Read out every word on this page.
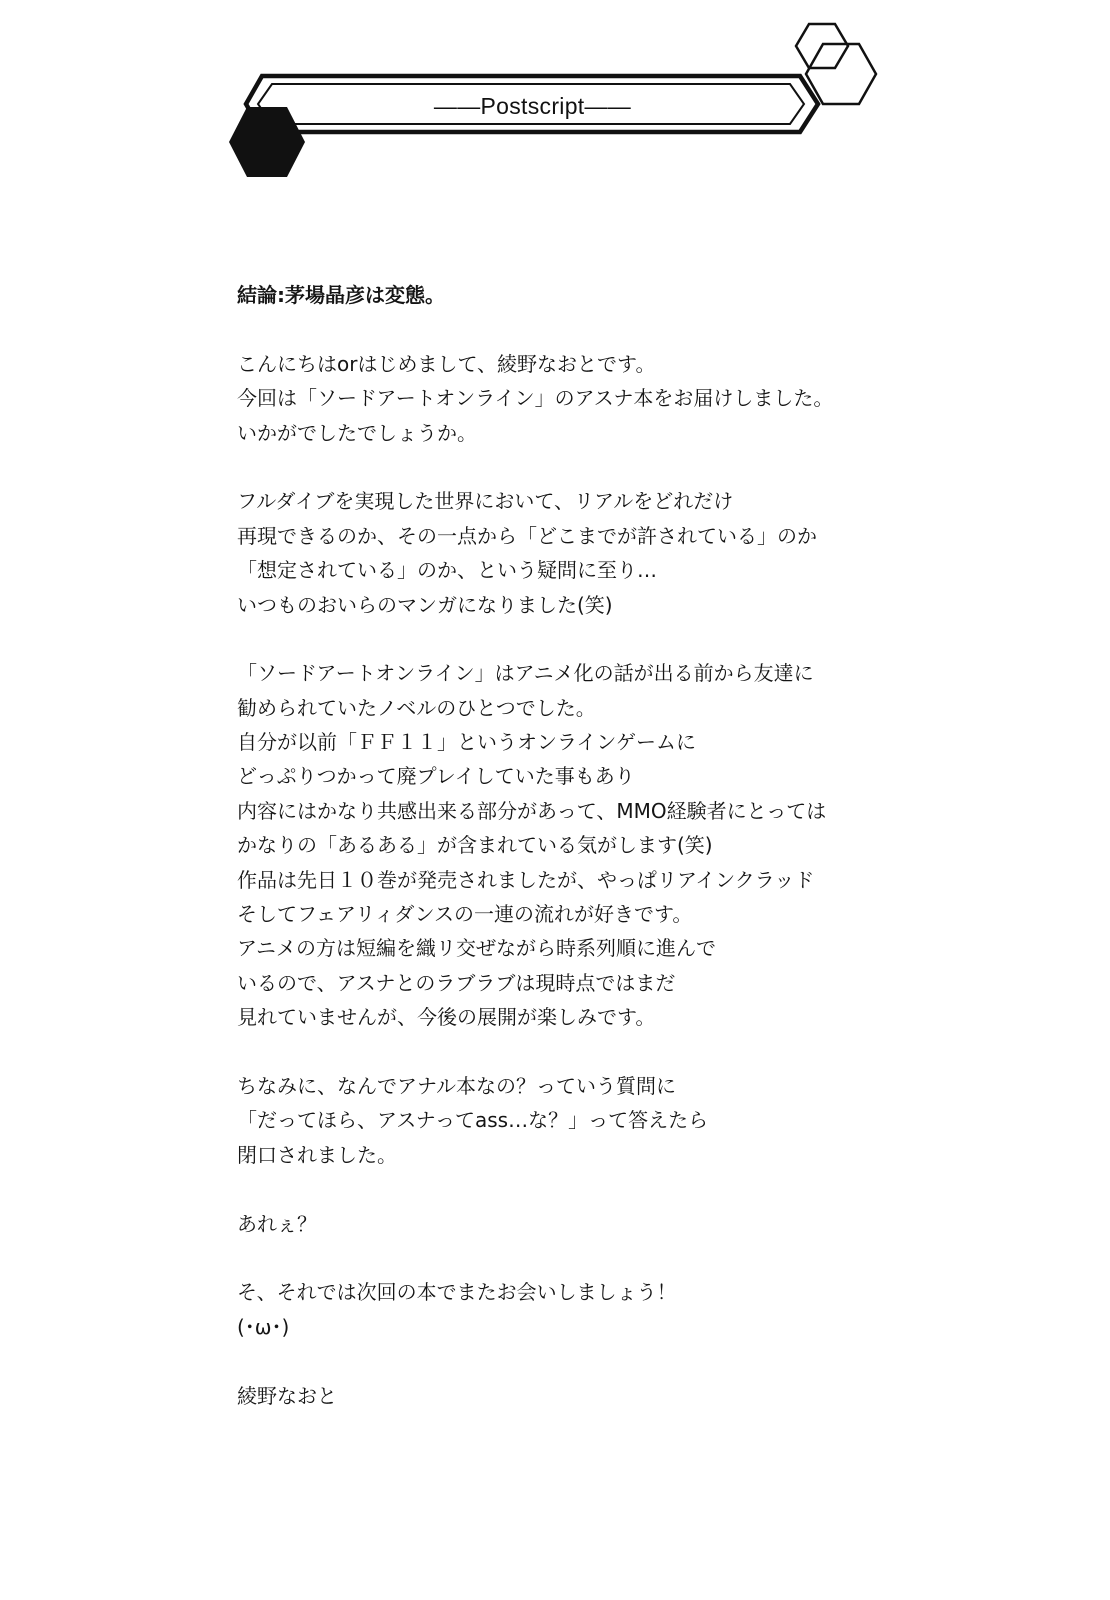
——Postscript——
結論:茅場晶彦は変態。
こんにちはorはじめまして、綾野なおとです。
今回は「ソードアートオンライン」のアスナ本をお届けしました。
いかがでしたでしょうか。
フルダイブを実現した世界において、リアルをどれだけ
再現できるのか、その一点から「どこまでが許されている」のか
「想定されている」のか、という疑問に至り…
いつものおいらのマンガになりました(笑)
「ソードアートオンライン」はアニメ化の話が出る前から友達に
勧められていたノベルのひとつでした。
自分が以前「ＦＦ１１」というオンラインゲームに
どっぷりつかって廃プレイしていた事もあり
内容にはかなり共感出来る部分があって、MMO経験者にとっては
かなりの「あるある」が含まれている気がします(笑)
作品は先日１０巻が発売されましたが、やっぱリアインクラッド
そしてフェアリィダンスの一連の流れが好きです。
アニメの方は短編を織リ交ぜながら時系列順に進んで
いるので、アスナとのラブラブは現時点ではまだ
見れていませんが、今後の展開が楽しみです。
ちなみに、なんでアナル本なの？っていう質問に
「だってほら、アスナってass…な？」って答えたら
閉口されました。
あれぇ？
そ、それでは次回の本でまたお会いしましょう！
(･ω･)
綾野なおと
